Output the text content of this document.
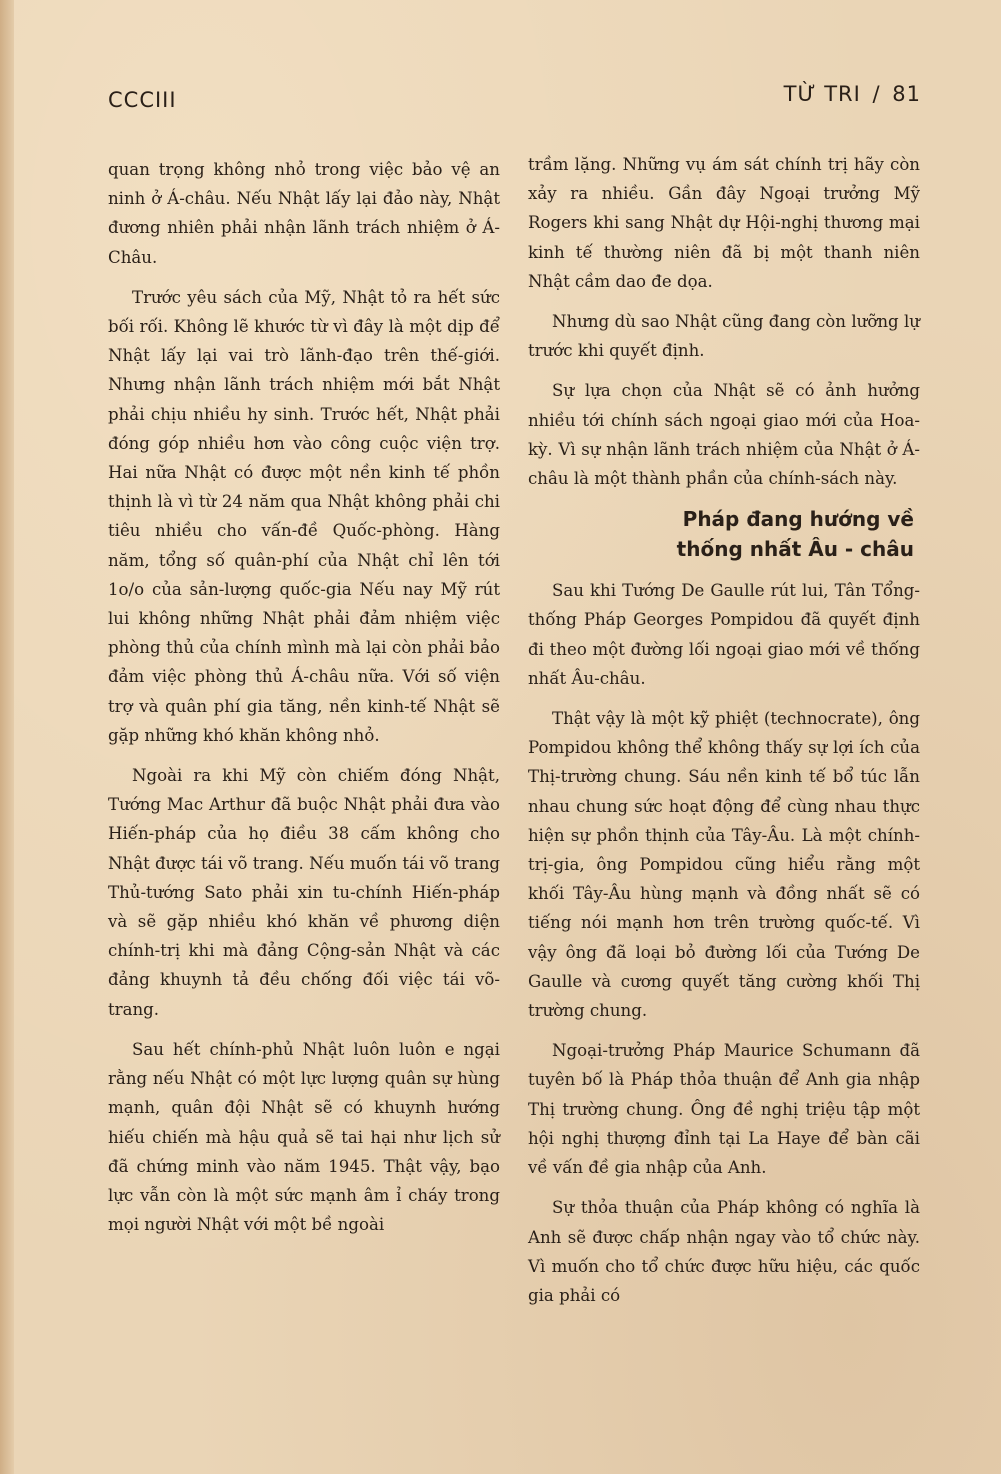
CCCIII	TỪ TRI / 81

quan trọng không nhỏ trong việc bảo vệ an ninh ở Á-châu. Nếu Nhật lấy lại đảo này, Nhật đương nhiên phải nhận lãnh trách nhiệm ở Á-Châu.

Trước yêu sách của Mỹ, Nhật tỏ ra hết sức bối rối. Không lẽ khước từ vì đây là một dịp để Nhật lấy lại vai trò lãnh-đạo trên thế-giới. Nhưng nhận lãnh trách nhiệm mới bắt Nhật phải chịu nhiều hy sinh. Trước hết, Nhật phải đóng góp nhiều hơn vào công cuộc viện trợ. Hai nữa Nhật có được một nền kinh tế phồn thịnh là vì từ 24 năm qua Nhật không phải chi tiêu nhiều cho vấn-đề Quốc-phòng. Hàng năm, tổng số quân-phí của Nhật chỉ lên tới 1o/o của sản-lượng quốc-gia Nếu nay Mỹ rút lui không những Nhật phải đảm nhiệm việc phòng thủ của chính mình mà lại còn phải bảo đảm việc phòng thủ Á-châu nữa. Với số viện trợ và quân phí gia tăng, nền kinh-tế Nhật sẽ gặp những khó khăn không nhỏ.

Ngoài ra khi Mỹ còn chiếm đóng Nhật, Tướng Mac Arthur đã buộc Nhật phải đưa vào Hiến-pháp của họ điều 38 cấm không cho Nhật được tái võ trang. Nếu muốn tái võ trang Thủ-tướng Sato phải xin tu-chính Hiến-pháp và sẽ gặp nhiều khó khăn về phương diện chính-trị khi mà đảng Cộng-sản Nhật và các đảng khuynh tả đều chống đối việc tái võ-trang.

Sau hết chính-phủ Nhật luôn luôn e ngại rằng nếu Nhật có một lực lượng quân sự hùng mạnh, quân đội Nhật sẽ có khuynh hướng hiếu chiến mà hậu quả sẽ tai hại như lịch sử đã chứng minh vào năm 1945. Thật vậy, bạo lực vẫn còn là một sức mạnh âm ỉ cháy trong mọi người Nhật với một bề ngoài

trầm lặng. Những vụ ám sát chính trị hãy còn xảy ra nhiều. Gần đây Ngoại trưởng Mỹ Rogers khi sang Nhật dự Hội-nghị thương mại kinh tế thường niên đã bị một thanh niên Nhật cầm dao đe dọa.

Nhưng dù sao Nhật cũng đang còn lưỡng lự trước khi quyết định.

Sự lựa chọn của Nhật sẽ có ảnh hưởng nhiều tới chính sách ngoại giao mới của Hoa-kỳ. Vì sự nhận lãnh trách nhiệm của Nhật ở Á-châu là một thành phần của chính-sách này.

Pháp đang hướng về
thống nhất Âu - châu

Sau khi Tướng De Gaulle rút lui, Tân Tổng-thống Pháp Georges Pompidou đã quyết định đi theo một đường lối ngoại giao mới về thống nhất Âu-châu.

Thật vậy là một kỹ phiệt (technocrate), ông Pompidou không thể không thấy sự lợi ích của Thị-trường chung. Sáu nền kinh tế bổ túc lẫn nhau chung sức hoạt động để cùng nhau thực hiện sự phồn thịnh của Tây-Âu. Là một chính-trị-gia, ông Pompidou cũng hiểu rằng một khối Tây-Âu hùng mạnh và đồng nhất sẽ có tiếng nói mạnh hơn trên trường quốc-tế. Vì vậy ông đã loại bỏ đường lối của Tướng De Gaulle và cương quyết tăng cường khối Thị trường chung.

Ngoại-trưởng Pháp Maurice Schumann đã tuyên bố là Pháp thỏa thuận để Anh gia nhập Thị trường chung. Ông đề nghị triệu tập một hội nghị thượng đỉnh tại La Haye để bàn cãi về vấn đề gia nhập của Anh.

Sự thỏa thuận của Pháp không có nghĩa là Anh sẽ được chấp nhận ngay vào tổ chức này. Vì muốn cho tổ chức được hữu hiệu, các quốc gia phải có
